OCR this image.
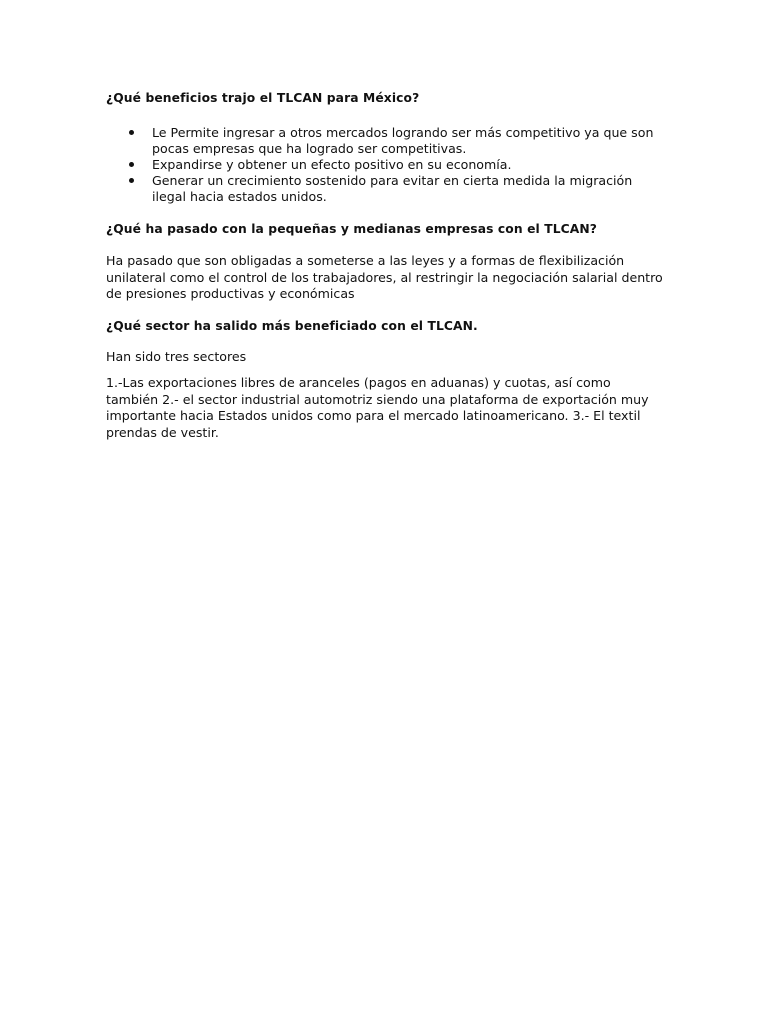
¿Qué beneficios trajo el TLCAN para México?
Le Permite ingresar a otros mercados logrando ser más competitivo ya que son pocas empresas que ha logrado ser competitivas.
Expandirse y obtener un efecto positivo en su economía.
Generar un crecimiento sostenido para evitar en cierta medida la migración ilegal hacia estados unidos.
¿Qué ha pasado con la pequeñas y medianas empresas con el TLCAN?

Ha pasado que son obligadas a someterse a las leyes y a formas de flexibilización unilateral como el control de los trabajadores, al restringir la negociación salarial dentro de presiones productivas y económicas

¿Qué sector ha salido más beneficiado con el TLCAN.

Han sido tres sectores

1.-Las exportaciones libres de aranceles (pagos en aduanas) y cuotas, así como también 2.- el sector industrial automotriz siendo una plataforma de exportación muy importante hacia Estados unidos como para el mercado latinoamericano. 3.- El textil prendas de vestir.
